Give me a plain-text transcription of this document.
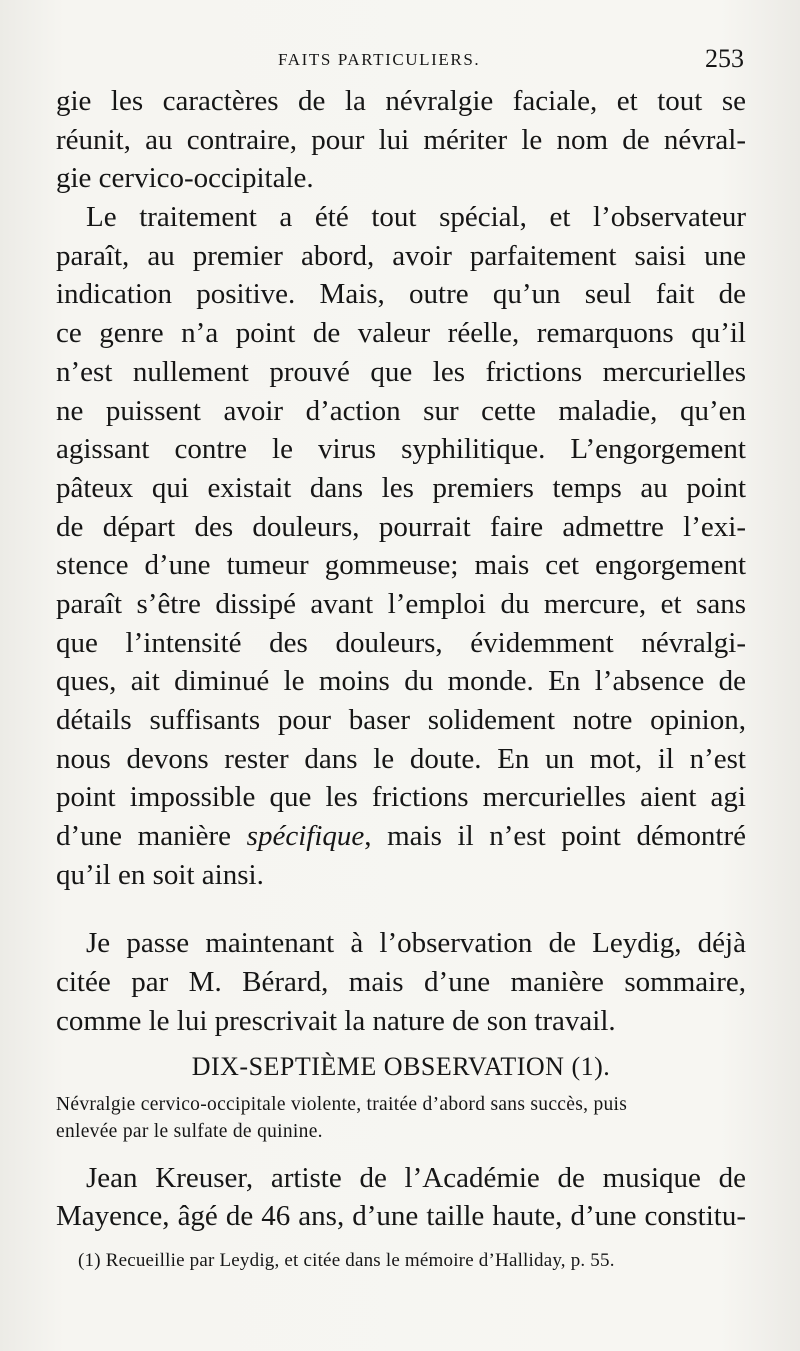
FAITS PARTICULIERS.	253
gie les caractères de la névralgie faciale, et tout se
réunit, au contraire, pour lui mériter le nom de névral-
gie cervico-occipitale.
Le traitement a été tout spécial, et l’observateur
paraît, au premier abord, avoir parfaitement saisi une
indication positive. Mais, outre qu’un seul fait de
ce genre n’a point de valeur réelle, remarquons qu’il
n’est nullement prouvé que les frictions mercurielles
ne puissent avoir d’action sur cette maladie, qu’en
agissant contre le virus syphilitique. L’engorgement
pâteux qui existait dans les premiers temps au point
de départ des douleurs, pourrait faire admettre l’exi-
stence d’une tumeur gommeuse; mais cet engorgement
paraît s’être dissipé avant l’emploi du mercure, et sans
que l’intensité des douleurs, évidemment névralgi-
ques, ait diminué le moins du monde. En l’absence de
détails suffisants pour baser solidement notre opinion,
nous devons rester dans le doute. En un mot, il n’est
point impossible que les frictions mercurielles aient agi
d’une manière spécifique, mais il n’est point démontré
qu’il en soit ainsi.
Je passe maintenant à l’observation de Leydig, déjà
citée par M. Bérard, mais d’une manière sommaire,
comme le lui prescrivait la nature de son travail.
DIX-SEPTIÈME OBSERVATION (1).
Névralgie cervico-occipitale violente, traitée d’abord sans succès, puis
enlevée par le sulfate de quinine.
Jean Kreuser, artiste de l’Académie de musique de
Mayence, âgé de 46 ans, d’une taille haute, d’une constitu-
(1) Recueillie par Leydig, et citée dans le mémoire d’Halliday, p. 55.
